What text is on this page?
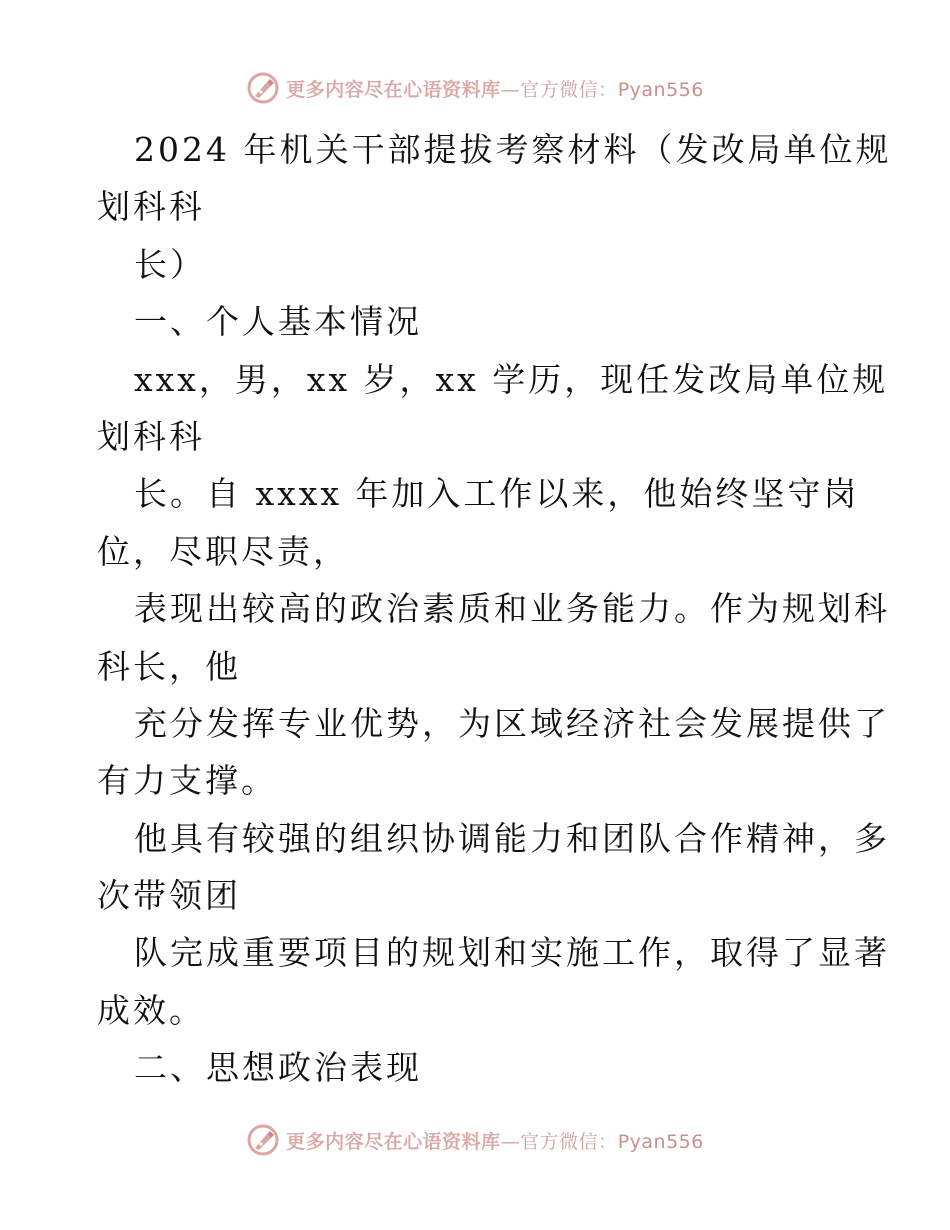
更多内容尽在心语资料库—官方微信：Pyan556
2024 年机关干部提拔考察材料（发改局单位规
划科科
长）
一、个人基本情况
xxx，男，xx 岁，xx 学历，现任发改局单位规
划科科
长。自 xxxx 年加入工作以来，他始终坚守岗
位，尽职尽责，
表现出较高的政治素质和业务能力。作为规划科
科长，他
充分发挥专业优势，为区域经济社会发展提供了
有力支撑。
他具有较强的组织协调能力和团队合作精神，多
次带领团
队完成重要项目的规划和实施工作，取得了显著
成效。
二、思想政治表现
更多内容尽在心语资料库—官方微信：Pyan556
